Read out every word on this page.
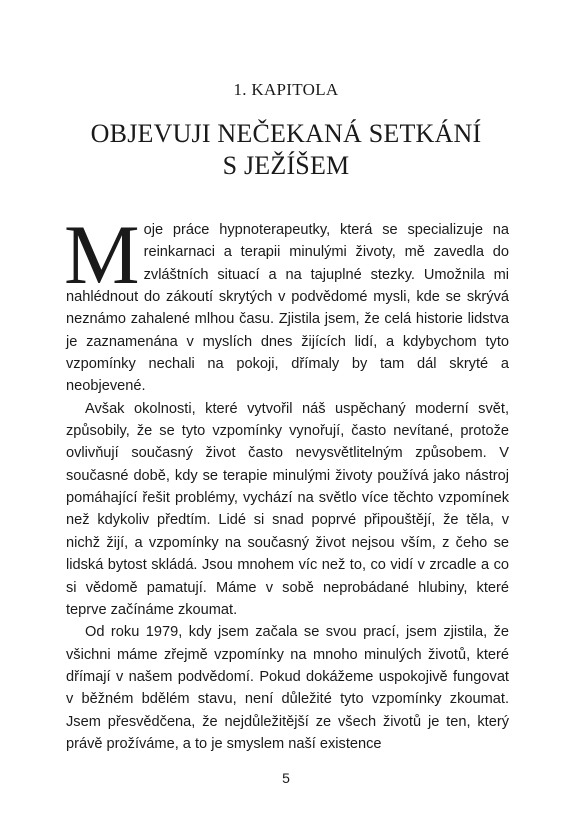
1. KAPITOLA
OBJEVUJI NEČEKANÁ SETKÁNÍ
S JEŽÍŠEM

Moje práce hypnoterapeutky, která se specializuje na reinkarnaci a terapii minulými životy, mě zavedla do zvláštních situací a na tajuplné stezky. Umožnila mi nahlédnout do zákoutí skrytých v podvědomé mysli, kde se skrývá neznámo zahalené mlhou času. Zjistila jsem, že celá historie lidstva je zaznamenána v myslích dnes žijících lidí, a kdybychom tyto vzpomínky nechali na pokoji, dřímaly by tam dál skryté a neobjevené.

Avšak okolnosti, které vytvořil náš uspěchaný moderní svět, způsobily, že se tyto vzpomínky vynořují, často nevítané, protože ovlivňují současný život často nevysvětlitelným způsobem. V současné době, kdy se terapie minulými životy používá jako nástroj pomáhající řešit problémy, vychází na světlo více těchto vzpomínek než kdykoliv předtím. Lidé si snad poprvé připouštějí, že těla, v nichž žijí, a vzpomínky na současný život nejsou vším, z čeho se lidská bytost skládá. Jsou mnohem víc než to, co vidí v zrcadle a co si vědomě pamatují. Máme v sobě neprobádané hlubiny, které teprve začínáme zkoumat.

Od roku 1979, kdy jsem začala se svou prací, jsem zjistila, že všichni máme zřejmě vzpomínky na mnoho minulých životů, které dřímají v našem podvědomí. Pokud dokážeme uspokojivě fungovat v běžném bdělém stavu, není důležité tyto vzpomínky zkoumat. Jsem přesvědčena, že nejdůležitější ze všech životů je ten, který právě prožíváme, a to je smyslem naší existence

5
